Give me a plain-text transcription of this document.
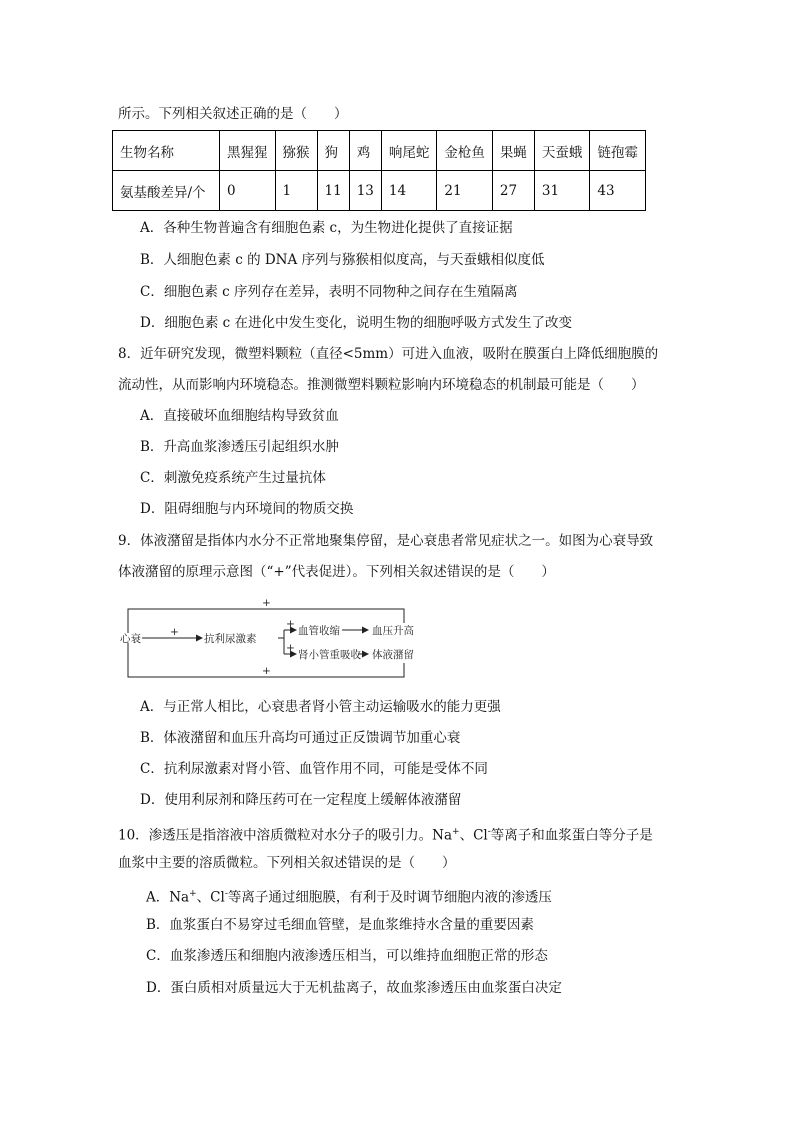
所示。下列相关叙述正确的是（　　）
生物名称	黑猩猩	猕猴	狗	鸡	响尾蛇	金枪鱼	果蝇	天蚕蛾	链孢霉
氨基酸差异/个	0	1	11	13	14	21	27	31	43
A．各种生物普遍含有细胞色素 c，为生物进化提供了直接证据
B．人细胞色素 c 的 DNA 序列与猕猴相似度高，与天蚕蛾相似度低
C．细胞色素 c 序列存在差异，表明不同物种之间存在生殖隔离
D．细胞色素 c 在进化中发生变化，说明生物的细胞呼吸方式发生了改变
8．近年研究发现，微塑料颗粒（直径<5mm）可进入血液，吸附在膜蛋白上降低细胞膜的
流动性，从而影响内环境稳态。推测微塑料颗粒影响内环境稳态的机制最可能是（　　）
A．直接破坏血细胞结构导致贫血
B．升高血浆渗透压引起组织水肿
C．刺激免疫系统产生过量抗体
D．阻碍细胞与内环境间的物质交换
9．体液潴留是指体内水分不正常地聚集停留，是心衰患者常见症状之一。如图为心衰导致
体液潴留的原理示意图（“+”代表促进）。下列相关叙述错误的是（　　）
心衰	抗利尿激素
血管收缩	血压升高
肾小管重吸收 体液潴留
+
+
+
+
+
A．与正常人相比，心衰患者肾小管主动运输吸水的能力更强
B．体液潴留和血压升高均可通过正反馈调节加重心衰
C．抗利尿激素对肾小管、血管作用不同，可能是受体不同
D．使用利尿剂和降压药可在一定程度上缓解体液潴留
10．渗透压是指溶液中溶质微粒对水分子的吸引力。Na+、Cl-等离子和血浆蛋白等分子是
血浆中主要的溶质微粒。下列相关叙述错误的是（　　）
A．Na+、Cl-等离子通过细胞膜，有利于及时调节细胞内液的渗透压
B．血浆蛋白不易穿过毛细血管壁，是血浆维持水含量的重要因素
C．血浆渗透压和细胞内液渗透压相当，可以维持血细胞正常的形态
D．蛋白质相对质量远大于无机盐离子，故血浆渗透压由血浆蛋白决定
